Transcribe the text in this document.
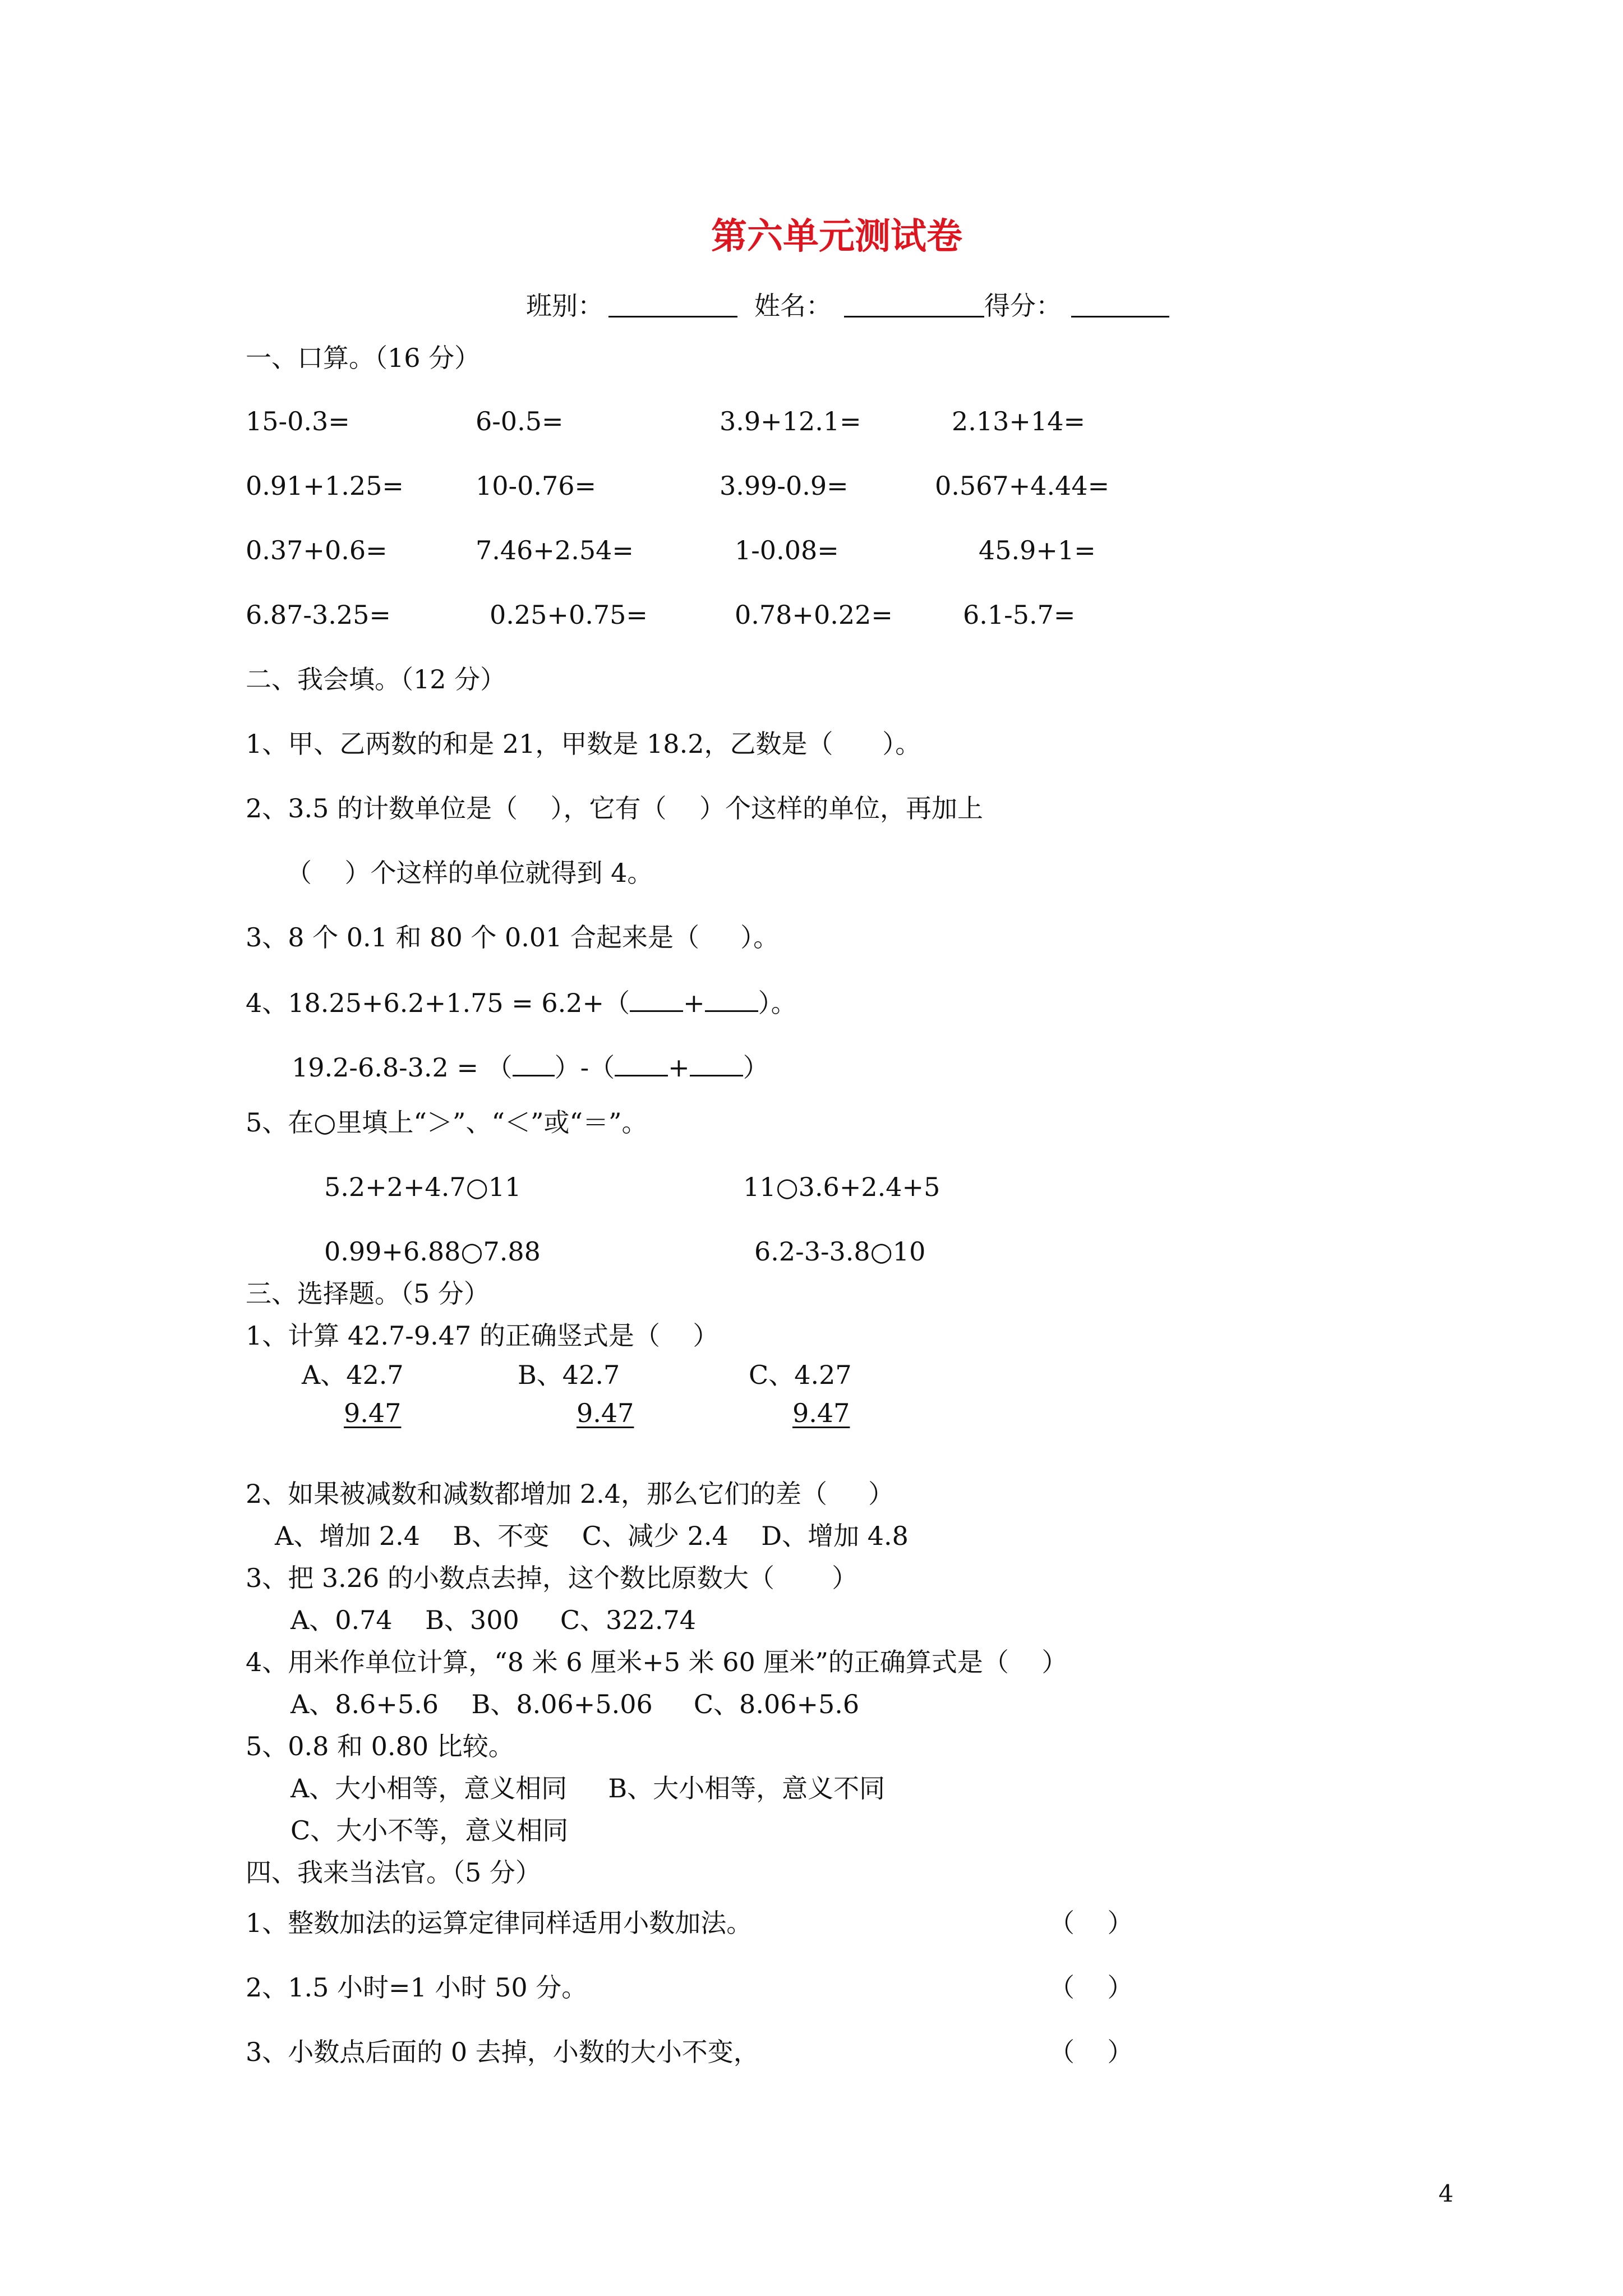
第六单元测试卷
班别：	姓名：	得分：
一、口算。（16 分）
15-0.3=	6-0.5=	3.9+12.1=	2.13+14=
0.91+1.25=	10-0.76=	3.99-0.9=	0.567+4.44=
0.37+0.6=	7.46+2.54=	1-0.08=	45.9+1=
6.87-3.25=	0.25+0.75=	0.78+0.22=	6.1-5.7=
二、我会填。（12 分）
1、甲、乙两数的和是 21，甲数是 18.2，乙数是（      ）。
2、3.5 的计数单位是（    ），它有（    ）个这样的单位，再加上
（    ）个这样的单位就得到 4。
3、8 个 0.1 和 80 个 0.01 合起来是（     ）。
4、18.25+6.2+1.75 = 6.2+（ + ）。
19.2-6.8-3.2 = （ ）-（ + ）
5、在○里填上“＞”、“＜”或“＝”。
5.2+2+4.7○11	11○3.6+2.4+5
0.99+6.88○7.88	6.2-3-3.8○10
三、选择题。（5 分）
1、计算 42.7-9.47 的正确竖式是（    ）
A、42.7	B、42.7	C、4.27
9.47	9.47	9.47
2、如果被减数和减数都增加 2.4，那么它们的差（     ）
A、增加 2.4    B、不变    C、减少 2.4    D、增加 4.8
3、把 3.26 的小数点去掉，这个数比原数大（       ）
A、0.74    B、300     C、322.74
4、用米作单位计算，“8 米 6 厘米+5 米 60 厘米”的正确算式是（    ）
A、8.6+5.6    B、8.06+5.06     C、8.06+5.6
5、0.8 和 0.80 比较。
A、大小相等，意义相同     B、大小相等，意义不同
C、大小不等，意义相同
四、我来当法官。（5 分）
1、整数加法的运算定律同样适用小数加法。	（    ）
2、1.5 小时=1 小时 50 分。	（    ）
3、小数点后面的 0 去掉，小数的大小不变，	（    ）
4
